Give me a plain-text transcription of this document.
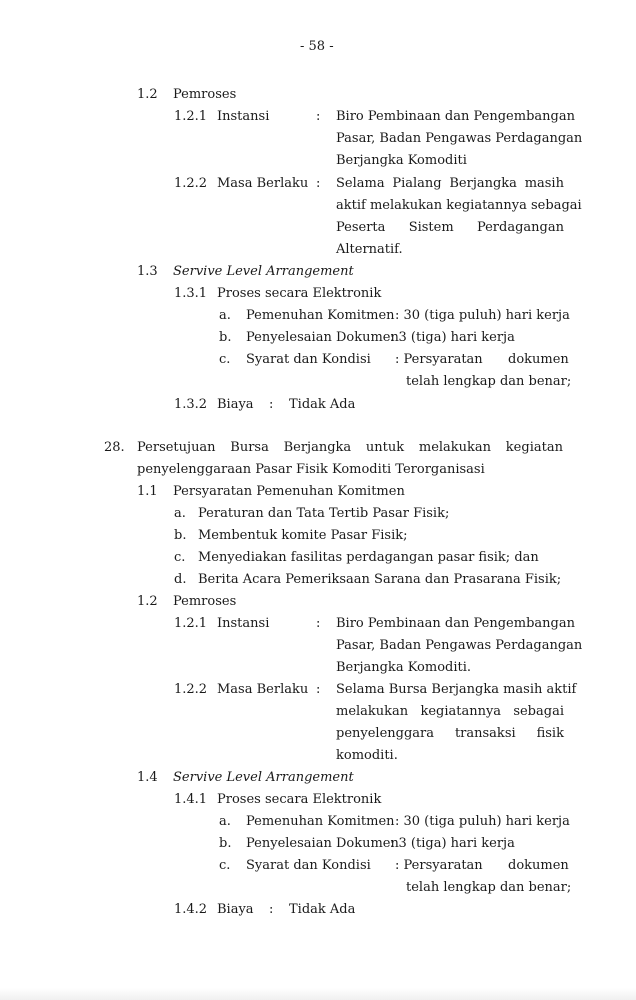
- 58 -
1.2 Pemroses
1.2.1 Instansi	: Biro Pembinaan dan Pengembangan
Pasar, Badan Pengawas Perdagangan
Berjangka Komoditi
1.2.2 Masa Berlaku : Selama Pialang Berjangka masih
aktif melakukan kegiatannya sebagai
Peserta Sistem Perdagangan
Alternatif.
1.3 Servive Level Arrangement
1.3.1 Proses secara Elektronik
a. Pemenuhan Komitmen : 30 (tiga puluh) hari kerja
b. Penyelesaian Dokumen
: 3 (tiga) hari kerja
c. Syarat dan Kondisi : Persyaratan dokumen
telah lengkap dan benar;
1.3.2 Biaya : Tidak Ada
28. Persetujuan Bursa Berjangka untuk melakukan kegiatan
penyelenggaraan Pasar Fisik Komoditi Terorganisasi
1.1 Persyaratan Pemenuhan Komitmen
a. Peraturan dan Tata Tertib Pasar Fisik;
b. Membentuk komite Pasar Fisik;
c. Menyediakan fasilitas perdagangan pasar fisik; dan
d. Berita Acara Pemeriksaan Sarana dan Prasarana Fisik;
1.2 Pemroses
1.2.1 Instansi	: Biro Pembinaan dan Pengembangan
Pasar, Badan Pengawas Perdagangan
Berjangka Komoditi.
1.2.2 Masa Berlaku : Selama Bursa Berjangka masih aktif
melakukan kegiatannya sebagai
penyelenggara transaksi fisik
komoditi.
1.4 Servive Level Arrangement
1.4.1 Proses secara Elektronik
a. Pemenuhan Komitmen : 30 (tiga puluh) hari kerja
b. Penyelesaian Dokumen
: 3 (tiga) hari kerja
c. Syarat dan Kondisi : Persyaratan dokumen
telah lengkap dan benar;
1.4.2 Biaya : Tidak Ada
